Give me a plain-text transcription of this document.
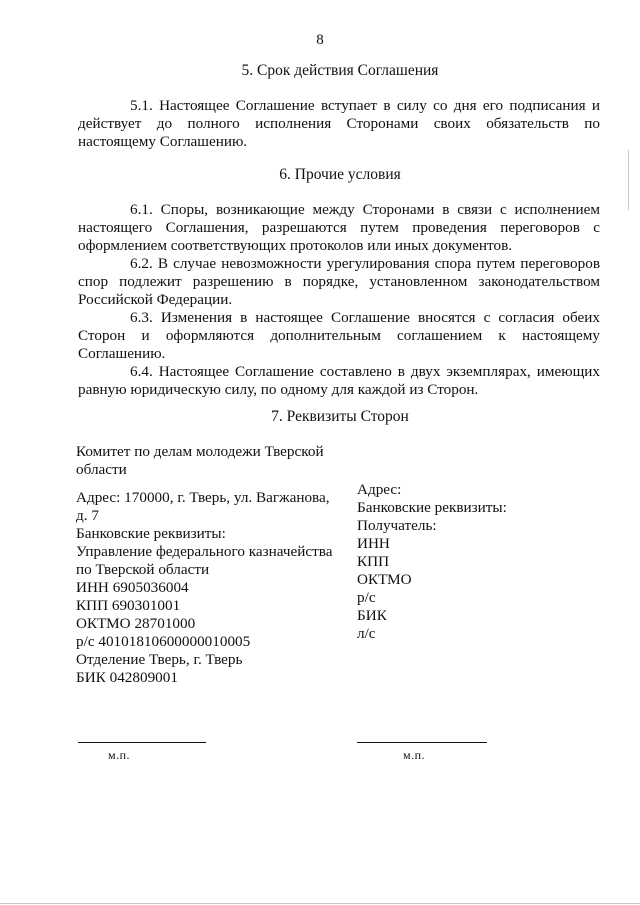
8
5. Срок действия Соглашения

5.1. Настоящее Соглашение вступает в силу со дня его подписания и действует до полного исполнения Сторонами своих обязательств по настоящему Соглашению.

6. Прочие условия

6.1. Споры, возникающие между Сторонами в связи с исполнением настоящего Соглашения, разрешаются путем проведения переговоров с оформлением соответствующих протоколов или иных документов.

6.2. В случае невозможности урегулирования спора путем переговоров спор подлежит разрешению в порядке, установленном законодательством Российской Федерации.

6.3. Изменения в настоящее Соглашение вносятся с согласия обеих Сторон и оформляются дополнительным соглашением к настоящему Соглашению.

6.4. Настоящее Соглашение составлено в двух экземплярах, имеющих равную юридическую силу, по одному для каждой из Сторон.

7. Реквизиты Сторон
Комитет по делам молодежи Тверской
области
Адрес: 170000, г. Тверь, ул. Вагжанова,
д. 7
Банковские реквизиты:
Управление федерального казначейства
по Тверской области
ИНН 6905036004
КПП 690301001
ОКТМО 28701000
р/с 40101810600000010005
Отделение Тверь, г. Тверь
БИК 042809001
Адрес:
Банковские реквизиты:
Получатель:
ИНН
КПП
ОКТМО
р/с
БИК
л/с
м.п.	м.п.
